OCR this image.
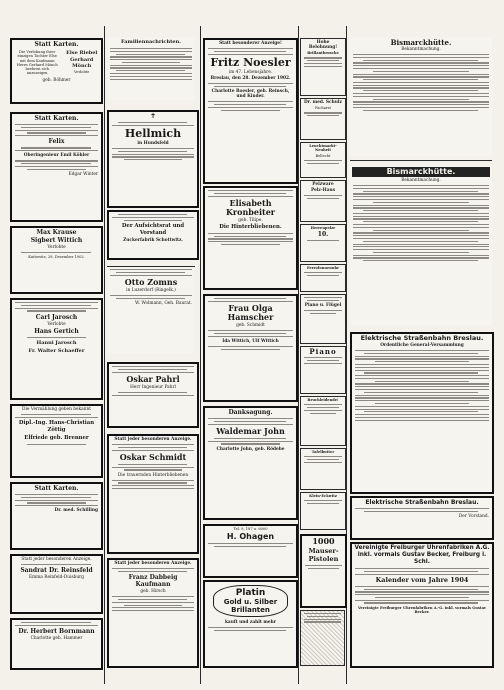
Statt Karten.
Die Verlobung ihrer einzigen Tochter Else mit dem Kaufmann Herrn Gerhard Mönch beehren sich anzuzeigen
Else Riebel
Gerhard Mönch
Verlobte
geb. Böhmer
Statt Karten.
Felix
Oberingenieur Emil Köhler
Edgar Winter
Max Krause
Sigbert Wittich
Verlobte
Kattowitz, 28. Dezember 1902.
Carl Jarosch
Verlobte
Hans Gertich
Hanni Jarosch
Fr. Walter Schaeffer
Die Vermählung geben bekannt
Dipl.-Ing. Hans-Christian Zöttig
Elfriede geb. Brenner
Statt Karten.
Dr. med. Schilling
Statt jeder besonderen Anzeige.
Sandrat Dr. Reinsfeld
Emma Reinfeld-Duisburg
Dr. Herbert Bornmann
Charlotte geb. Hammer
Familiennachrichten.
✝
Hellmich
in Hundsfeld
Der Aufsichtsrat und Vorstand
Zuckerfabrik Schottwitz.
Otto Zomns
in Luzerdorf (Ringelk.)
W. Wolmann, Geh. Baurat.
Oskar Pahrl
Herr Ingenieur Pahrl
Statt jeder besonderen Anzeige.
Oskar Schmidt
Die trauernden Hinterbliebenen
Statt jeder besonderen Anzeige.
Franz Dabbeig Kaufmann
geb. Hirsch
Statt besonderer Anzeige!
Fritz Noesler
im 47. Lebensjahre.
Breslau, den 28. Dezember 1902.
Charlotte Roesler, geb. Reinsch, und Kinder.
Elisabeth Kronbeiter
geb. Tilipe.
Die Hinterbliebenen.
Frau Olga Hamscher
geb. Schmidt
Ida Wittich, Ulf Wittich
Danksagung.
Waldemar John
Charlotte John, geb. Rödebe
Tel. 9, 187 u. 6000
H. Ohagen
Platin
Gold u. Silber
Brillanten
kauft und zahlt mehr
Hohe Belohnung!
Brillantbrosche
Dr. med. Schulz
Facharzt
Leuchtmarkt-Neuheit
Bellecht
Pelzware
Pelz-Haus
Herrenpelze
10.
Ferrofonnenuhr
Piano u. Flügel
Piano
Bruchleidende!
Tafelbutter
Klein-Eckwitz
1000
Mauser-Pistolen
Bismarckhütte.
Bekanntmachung.
Bismarckhütte.
Bekanntmachung.
Elektrische Straßenbahn Breslau.
Ordentliche General-Versammlung
Elektrische Straßenbahn Breslau.
Der Vorstand.
Vereinigte Freiburger Uhrenfabriken A.G. inkl. vormals Gustav Becker, Freiburg i. Schl.
Kalender vom Jahre 1904
Vereinigte Freiburger Uhrenfabriken A.-G. inkl. vormals Gustav Becker.
